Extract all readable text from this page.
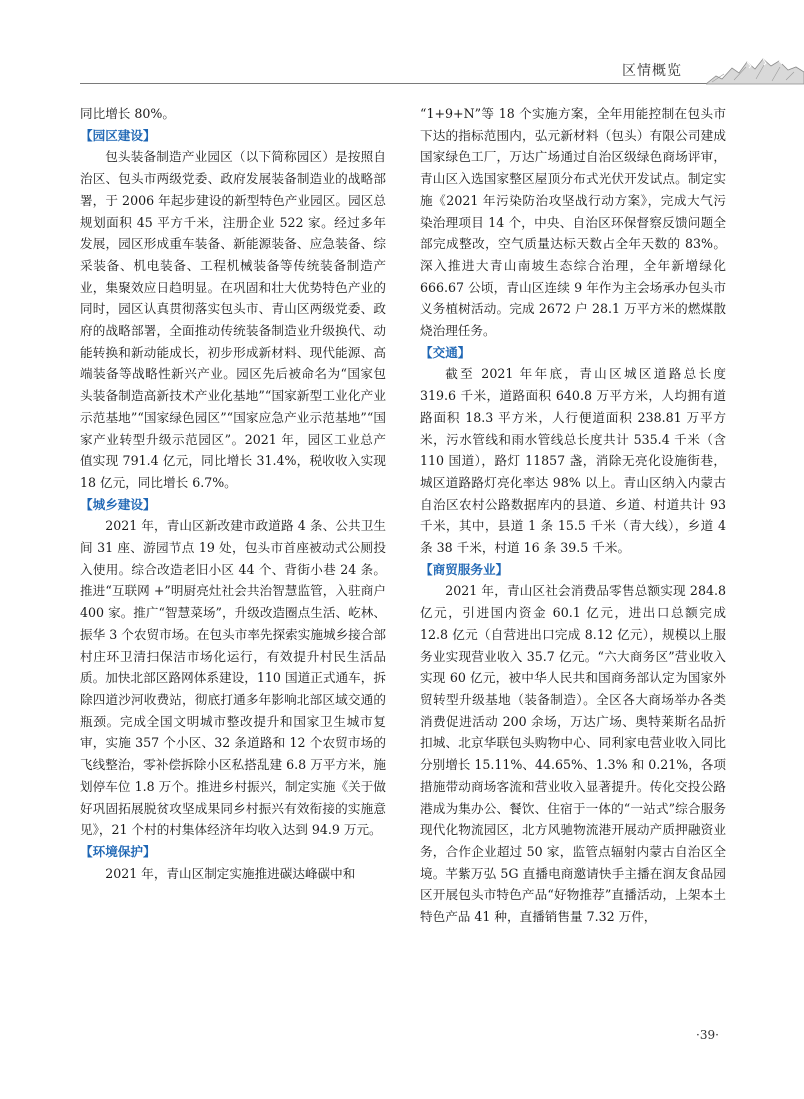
区情概览

同比增长 80%。

【园区建设】

包头装备制造产业园区（以下简称园区）是按照自治区、包头市两级党委、政府发展装备制造业的战略部署，于 2006 年起步建设的新型特色产业园区。园区总规划面积 45 平方千米，注册企业 522 家。经过多年发展，园区形成重车装备、新能源装备、应急装备、综采装备、机电装备、工程机械装备等传统装备制造产业，集聚效应日趋明显。在巩固和壮大优势特色产业的同时，园区认真贯彻落实包头市、青山区两级党委、政府的战略部署，全面推动传统装备制造业升级换代、动能转换和新动能成长，初步形成新材料、现代能源、高端装备等战略性新兴产业。园区先后被命名为“国家包头装备制造高新技术产业化基地”“国家新型工业化产业示范基地”“国家绿色园区”“国家应急产业示范基地”“国家产业转型升级示范园区”。2021 年，园区工业总产值实现 791.4 亿元，同比增长 31.4%，税收收入实现 18 亿元，同比增长 6.7%。

【城乡建设】

2021 年，青山区新改建市政道路 4 条、公共卫生间 31 座、游园节点 19 处，包头市首座被动式公厕投入使用。综合改造老旧小区 44 个、背街小巷 24 条。推进“互联网 +”明厨亮灶社会共治智慧监管，入驻商户 400 家。推广“智慧菜场”，升级改造圈点生活、屹林、振华 3 个农贸市场。在包头市率先探索实施城乡接合部村庄环卫清扫保洁市场化运行，有效提升村民生活品质。加快北部区路网体系建设，110 国道正式通车，拆除四道沙河收费站，彻底打通多年影响北部区域交通的瓶颈。完成全国文明城市整改提升和国家卫生城市复审，实施 357 个小区、32 条道路和 12 个农贸市场的飞线整治，零补偿拆除小区私搭乱建 6.8 万平方米，施划停车位 1.8 万个。推进乡村振兴，制定实施《关于做好巩固拓展脱贫攻坚成果同乡村振兴有效衔接的实施意见》，21 个村的村集体经济年均收入达到 94.9 万元。

【环境保护】

2021 年，青山区制定实施推进碳达峰碳中和

“1+9+N”等 18 个实施方案，全年用能控制在包头市下达的指标范围内，弘元新材料（包头）有限公司建成国家绿色工厂，万达广场通过自治区级绿色商场评审，青山区入选国家整区屋顶分布式光伏开发试点。制定实施《2021 年污染防治攻坚战行动方案》，完成大气污染治理项目 14 个，中央、自治区环保督察反馈问题全部完成整改，空气质量达标天数占全年天数的 83%。深入推进大青山南坡生态综合治理，全年新增绿化 666.67 公顷，青山区连续 9 年作为主会场承办包头市义务植树活动。完成 2672 户 28.1 万平方米的燃煤散烧治理任务。

【交通】

截至 2021 年年底，青山区城区道路总长度 319.6 千米，道路面积 640.8 万平方米，人均拥有道路面积 18.3 平方米，人行便道面积 238.81 万平方米，污水管线和雨水管线总长度共计 535.4 千米（含 110 国道），路灯 11857 盏，消除无亮化设施街巷，城区道路路灯亮化率达 98% 以上。青山区纳入内蒙古自治区农村公路数据库内的县道、乡道、村道共计 93 千米，其中，县道 1 条 15.5 千米（青大线），乡道 4 条 38 千米，村道 16 条 39.5 千米。

【商贸服务业】

2021 年，青山区社会消费品零售总额实现 284.8 亿元，引进国内资金 60.1 亿元，进出口总额完成 12.8 亿元（自营进出口完成 8.12 亿元），规模以上服务业实现营业收入 35.7 亿元。“六大商务区”营业收入实现 60 亿元，被中华人民共和国商务部认定为国家外贸转型升级基地（装备制造）。全区各大商场举办各类消费促进活动 200 余场，万达广场、奥特莱斯名品折扣城、北京华联包头购物中心、同利家电营业收入同比分别增长 15.11%、44.65%、1.3% 和 0.21%，各项措施带动商场客流和营业收入显著提升。传化交投公路港成为集办公、餐饮、住宿于一体的“一站式”综合服务现代化物流园区，北方风驰物流港开展动产质押融资业务，合作企业超过 50 家，监管点辐射内蒙古自治区全境。芊紫万弘 5G 直播电商邀请快手主播在润友食品园区开展包头市特色产品“好物推荐”直播活动，上架本土特色产品 41 种，直播销售量 7.32 万件，

·39·
